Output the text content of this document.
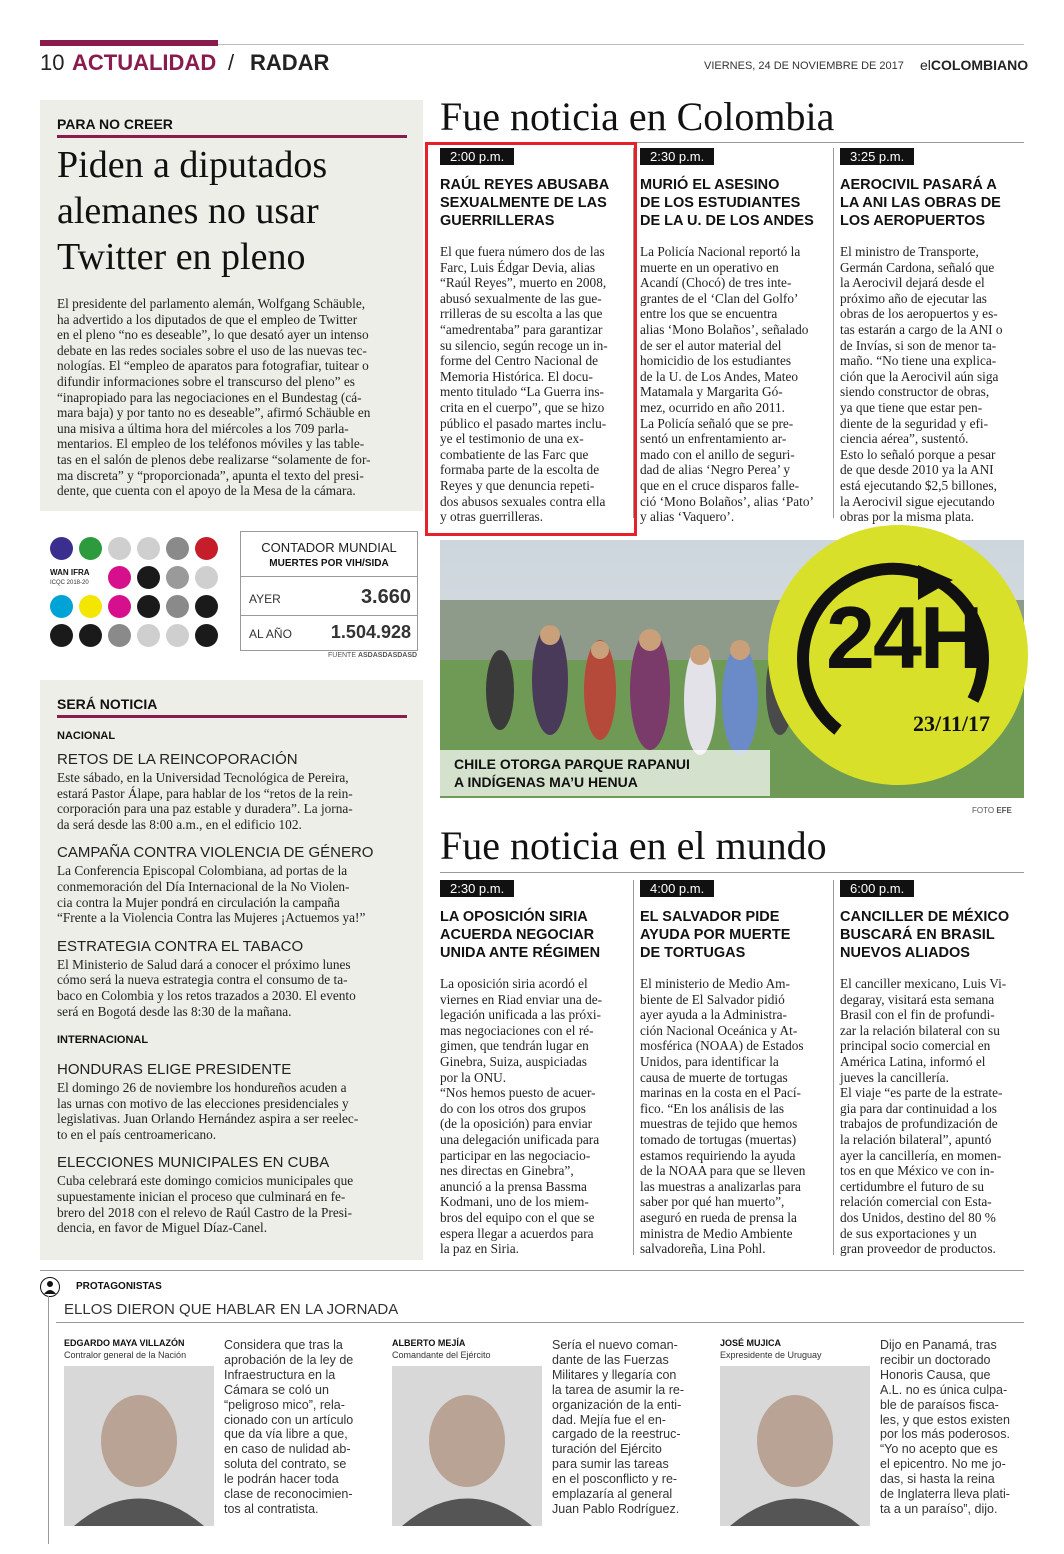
10 ACTUALIDAD / RADAR	VIERNES, 24 DE NOVIEMBRE DE 2017 elCOLOMBIANO
PARA NO CREER
Piden a diputados
alemanes no usar
Twitter en pleno
El presidente del parlamento alemán, Wolfgang Schäuble,
ha advertido a los diputados de que el empleo de Twitter
en el pleno “no es deseable”, lo que desató ayer un intenso
debate en las redes sociales sobre el uso de las nuevas tec-
nologías. El “empleo de aparatos para fotografiar, tuitear o
difundir informaciones sobre el transcurso del pleno” es
“inapropiado para las negociaciones en el Bundestag (cá-
mara baja) y por tanto no es deseable”, afirmó Schäuble en
una misiva a última hora del miércoles a los 709 parla-
mentarios. El empleo de los teléfonos móviles y las table-
tas en el salón de plenos debe realizarse “solamente de for-
ma discreta” y “proporcionada”, apunta el texto del presi-
dente, que cuenta con el apoyo de la Mesa de la cámara.
Fue noticia en Colombia
2:00 p.m.
RAÚL REYES ABUSABA
SEXUALMENTE DE LAS
GUERRILLERAS
El que fuera número dos de las
Farc, Luis Édgar Devia, alias
“Raúl Reyes”, muerto en 2008,
abusó sexualmente de las gue-
rrilleras de su escolta a las que
“amedrentaba” para garantizar
su silencio, según recoge un in-
forme del Centro Nacional de
Memoria Histórica. El docu-
mento titulado “La Guerra ins-
crita en el cuerpo”, que se hizo
público el pasado martes inclu-
ye el testimonio de una ex-
combatiente de las Farc que
formaba parte de la escolta de
Reyes y que denuncia repeti-
dos abusos sexuales contra ella
y otras guerrilleras.
2:30 p.m.
MURIÓ EL ASESINO
DE LOS ESTUDIANTES
DE LA U. DE LOS ANDES
La Policía Nacional reportó la
muerte en un operativo en
Acandí (Chocó) de tres inte-
grantes de el ‘Clan del Golfo’
entre los que se encuentra
alias ‘Mono Bolaños’, señalado
de ser el autor material del
homicidio de los estudiantes
de la U. de Los Andes, Mateo
Matamala y Margarita Gó-
mez, ocurrido en año 2011.
La Policía señaló que se pre-
sentó un enfrentamiento ar-
mado con el anillo de seguri-
dad de alias ‘Negro Perea’ y
que en el cruce disparos falle-
ció ‘Mono Bolaños’, alias ‘Pato’
y alias ‘Vaquero’.
3:25 p.m.
AEROCIVIL PASARÁ A
LA ANI LAS OBRAS DE
LOS AEROPUERTOS
El ministro de Transporte,
Germán Cardona, señaló que
la Aerocivil dejará desde el
próximo año de ejecutar las
obras de los aeropuertos y es-
tas estarán a cargo de la ANI o
de Invías, si son de menor ta-
maño. “No tiene una explica-
ción que la Aerocivil aún siga
siendo constructor de obras,
ya que tiene que estar pen-
diente de la seguridad y efi-
ciencia aérea”, sustentó.
Esto lo señaló porque a pesar
de que desde 2010 ya la ANI
está ejecutando $2,5 billones,
la Aerocivil sigue ejecutando
obras por la misma plata.
WAN IFRA
ICQC 2018-20
CONTADOR MUNDIAL
MUERTES POR VIH/SIDA
AYER	3.660
AL AÑO 1.504.928
FUENTE ASDASDASDASD
SERÁ NOTICIA
NACIONAL
RETOS DE LA REINCOPORACIÓN
Este sábado, en la Universidad Tecnológica de Pereira,
estará Pastor Álape, para hablar de los “retos de la rein-
corporación para una paz estable y duradera”. La jorna-
da será desde las 8:00 a.m., en el edificio 102.
CAMPAÑA CONTRA VIOLENCIA DE GÉNERO
La Conferencia Episcopal Colombiana, ad portas de la
conmemoración del Día Internacional de la No Violen-
cia contra la Mujer pondrá en circulación la campaña
“Frente a la Violencia Contra las Mujeres ¡Actuemos ya!”
ESTRATEGIA CONTRA EL TABACO
El Ministerio de Salud dará a conocer el próximo lunes
cómo será la nueva estrategia contra el consumo de ta-
baco en Colombia y los retos trazados a 2030. El evento
será en Bogotá desde las 8:30 de la mañana.
INTERNACIONAL
HONDURAS ELIGE PRESIDENTE
El domingo 26 de noviembre los hondureños acuden a
las urnas con motivo de las elecciones presidenciales y
legislativas. Juan Orlando Hernández aspira a ser reelec-
to en el país centroamericano.
ELECCIONES MUNICIPALES EN CUBA
Cuba celebrará este domingo comicios municipales que
supuestamente inician el proceso que culminará en fe-
brero del 2018 con el relevo de Raúl Castro de la Presi-
dencia, en favor de Miguel Díaz-Canel.
CHILE OTORGA PARQUE RAPANUI
A INDÍGENAS MA’U HENUA
24H
23/11/17
FOTO EFE
Fue noticia en el mundo
2:30 p.m.
LA OPOSICIÓN SIRIA
ACUERDA NEGOCIAR
UNIDA ANTE RÉGIMEN
La oposición siria acordó el
viernes en Riad enviar una de-
legación unificada a las próxi-
mas negociaciones con el ré-
gimen, que tendrán lugar en
Ginebra, Suiza, auspiciadas
por la ONU.
“Nos hemos puesto de acuer-
do con los otros dos grupos
(de la oposición) para enviar
una delegación unificada para
participar en las negociacio-
nes directas en Ginebra”,
anunció a la prensa Bassma
Kodmani, uno de los miem-
bros del equipo con el que se
espera llegar a acuerdos para
la paz en Siria.
4:00 p.m.
EL SALVADOR PIDE
AYUDA POR MUERTE
DE TORTUGAS
El ministerio de Medio Am-
biente de El Salvador pidió
ayer ayuda a la Administra-
ción Nacional Oceánica y At-
mosférica (NOAA) de Estados
Unidos, para identificar la
causa de muerte de tortugas
marinas en la costa en el Pací-
fico. “En los análisis de las
muestras de tejido que hemos
tomado de tortugas (muertas)
estamos requiriendo la ayuda
de la NOAA para que se lleven
las muestras a analizarlas para
saber por qué han muerto”,
aseguró en rueda de prensa la
ministra de Medio Ambiente
salvadoreña, Lina Pohl.
6:00 p.m.
CANCILLER DE MÉXICO
BUSCARÁ EN BRASIL
NUEVOS ALIADOS
El canciller mexicano, Luis Vi-
degaray, visitará esta semana
Brasil con el fin de profundi-
zar la relación bilateral con su
principal socio comercial en
América Latina, informó el
jueves la cancillería.
El viaje “es parte de la estrate-
gia para dar continuidad a los
trabajos de profundización de
la relación bilateral”, apuntó
ayer la cancillería, en momen-
tos en que México ve con in-
certidumbre el futuro de su
relación comercial con Esta-
dos Unidos, destino del 80 %
de sus exportaciones y un
gran proveedor de productos.
PROTAGONISTAS
ELLOS DIERON QUE HABLAR EN LA JORNADA
EDGARDO MAYA VILLAZÓN
Contralor general de la Nación
Considera que tras la
aprobación de la ley de
Infraestructura en la
Cámara se coló un
“peligroso mico”, rela-
cionado con un artículo
que da vía libre a que,
en caso de nulidad ab-
soluta del contrato, se
le podrán hacer toda
clase de reconocimien-
tos al contratista.
ALBERTO MEJÍA
Comandante del Ejército
Sería el nuevo coman-
dante de las Fuerzas
Militares y llegaría con
la tarea de asumir la re-
organización de la enti-
dad. Mejía fue el en-
cargado de la reestruc-
turación del Ejército
para sumir las tareas
en el posconflicto y re-
emplazaría al general
Juan Pablo Rodríguez.
JOSÉ MUJICA
Expresidente de Uruguay
Dijo en Panamá, tras
recibir un doctorado
Honoris Causa, que
A.L. no es única culpa-
ble de paraísos fisca-
les, y que estos existen
por los más poderosos.
“Yo no acepto que es
el epicentro. No me jo-
das, si hasta la reina
de Inglaterra lleva plati-
ta a un paraíso”, dijo.
